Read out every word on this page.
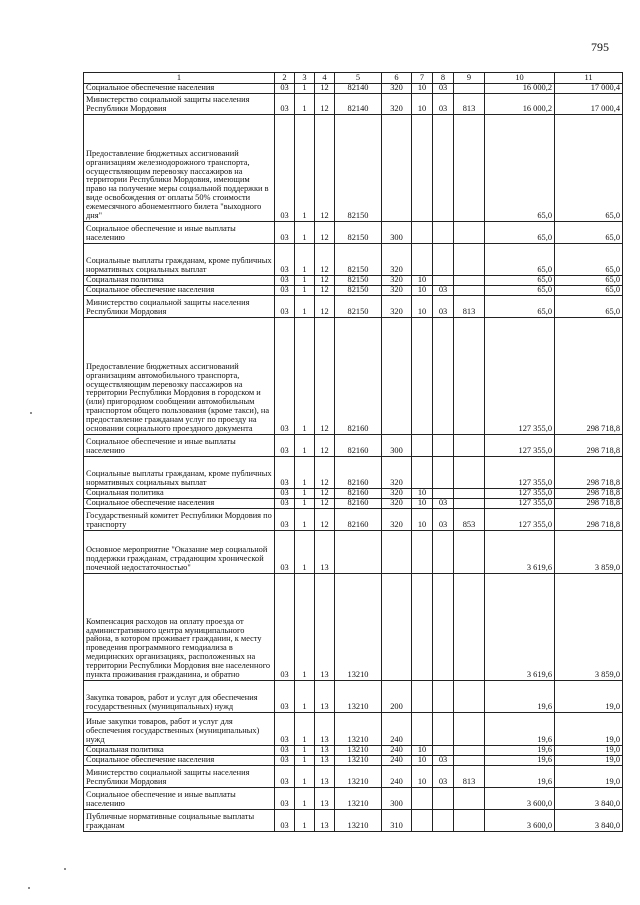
795
1	2	3	4	5	6	7	8	9	10	11
Социальное обеспечение населения	03	1	12	82140	320	10	03		16 000,2	17 000,4
Министерство социальной защиты населения Республики Мордовия	03	1	12	82140	320	10	03	813	16 000,2	17 000,4
Предоставление бюджетных ассигнований организациям железнодорожного транспорта, осуществляющим перевозку пассажиров на территории Республики Мордовия, имеющим право на получение меры социальной поддержки в виде освобождения от оплаты 50% стоимости ежемесячного абонементного билета "выходного дня"	03	1	12	82150					65,0	65,0
Социальное обеспечение и иные выплаты населению	03	1	12	82150	300				65,0	65,0
Социальные выплаты гражданам, кроме публичных нормативных социальных выплат	03	1	12	82150	320				65,0	65,0
Социальная политика	03	1	12	82150	320	10			65,0	65,0
Социальное обеспечение населения	03	1	12	82150	320	10	03		65,0	65,0
Министерство социальной защиты населения Республики Мордовия	03	1	12	82150	320	10	03	813	65,0	65,0
Предоставление бюджетных ассигнований организациям автомобильного транспорта, осуществляющим перевозку пассажиров на территории Республики Мордовия в городском и (или) пригородном сообщении автомобильным транспортом общего пользования (кроме такси), на предоставление гражданам услуг по проезду на основании социального проездного документа	03	1	12	82160					127 355,0	298 718,8
Социальное обеспечение и иные выплаты населению	03	1	12	82160	300				127 355,0	298 718,8
Социальные выплаты гражданам, кроме публичных нормативных социальных выплат	03	1	12	82160	320				127 355,0	298 718,8
Социальная политика	03	1	12	82160	320	10			127 355,0	298 718,8
Социальное обеспечение населения	03	1	12	82160	320	10	03		127 355,0	298 718,8
Государственный комитет Республики Мордовия по транспорту	03	1	12	82160	320	10	03	853	127 355,0	298 718,8
Основное мероприятие "Оказание мер социальной поддержки гражданам, страдающим хронической почечной недостаточностью"	03	1	13						3 619,6	3 859,0
Компенсация расходов на оплату проезда от административного центра муниципального района, в котором проживает гражданин, к месту проведения программного гемодиализа в медицинских организациях, расположенных на территории Республики Мордовия вне населенного пункта проживания гражданина, и обратно	03	1	13	13210					3 619,6	3 859,0
Закупка товаров, работ и услуг для обеспечения государственных (муниципальных) нужд	03	1	13	13210	200				19,6	19,0
Иные закупки товаров, работ и услуг для обеспечения государственных (муниципальных) нужд	03	1	13	13210	240				19,6	19,0
Социальная политика	03	1	13	13210	240	10			19,6	19,0
Социальное обеспечение населения	03	1	13	13210	240	10	03		19,6	19,0
Министерство социальной защиты населения Республики Мордовия	03	1	13	13210	240	10	03	813	19,6	19,0
Социальное обеспечение и иные выплаты населению	03	1	13	13210	300				3 600,0	3 840,0
Публичные нормативные социальные выплаты гражданам	03	1	13	13210	310				3 600,0	3 840,0
